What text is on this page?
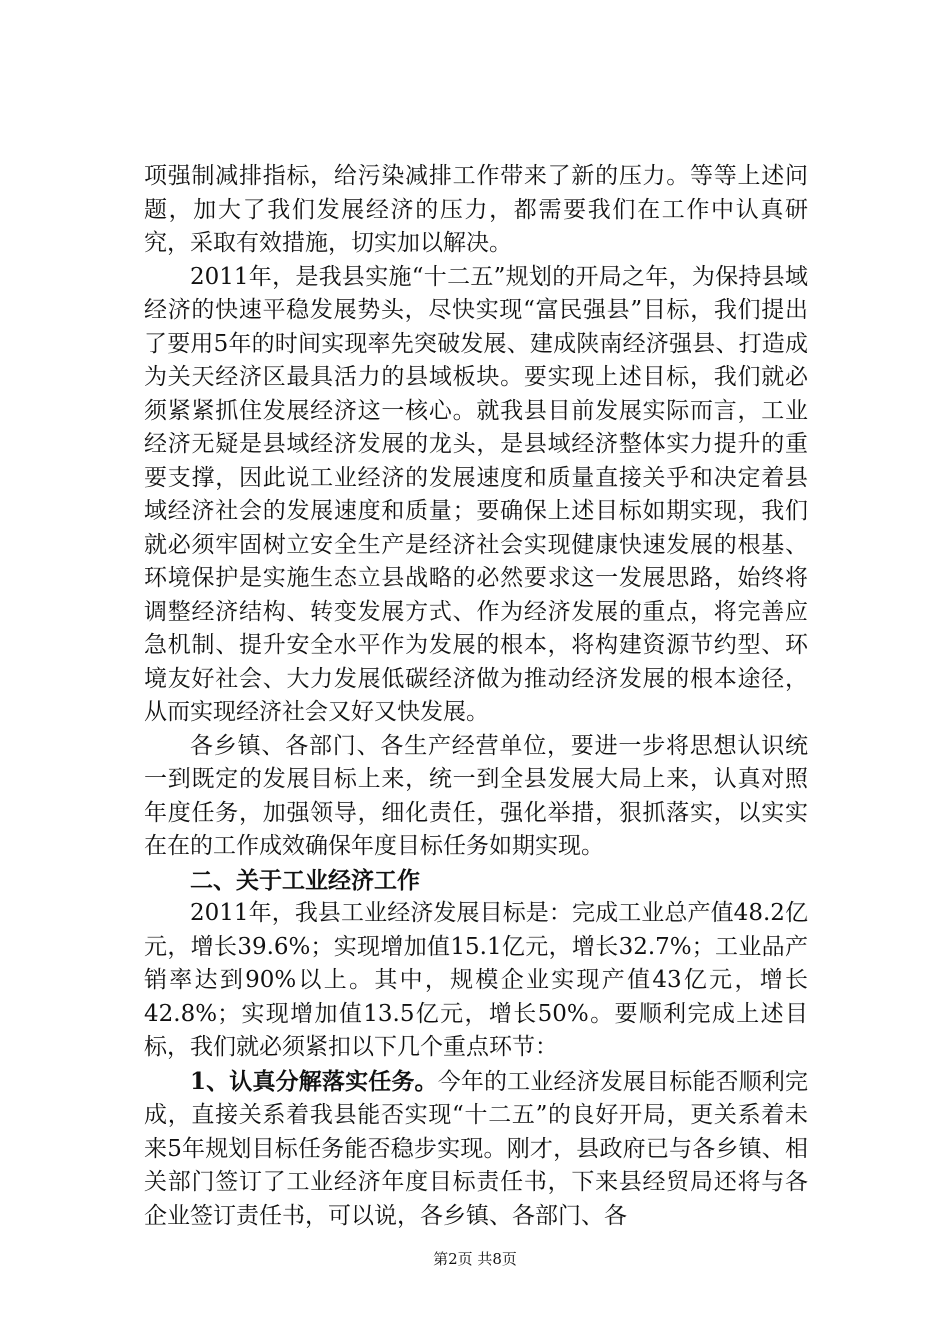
项强制减排指标，给污染减排工作带来了新的压力。等等上述问题，加大了我们发展经济的压力，都需要我们在工作中认真研究，采取有效措施，切实加以解决。

2011年，是我县实施“十二五”规划的开局之年，为保持县域经济的快速平稳发展势头，尽快实现“富民强县”目标，我们提出了要用5年的时间实现率先突破发展、建成陕南经济强县、打造成为关天经济区最具活力的县域板块。要实现上述目标，我们就必须紧紧抓住发展经济这一核心。就我县目前发展实际而言，工业经济无疑是县域经济发展的龙头，是县域经济整体实力提升的重要支撑，因此说工业经济的发展速度和质量直接关乎和决定着县域经济社会的发展速度和质量；要确保上述目标如期实现，我们就必须牢固树立安全生产是经济社会实现健康快速发展的根基、环境保护是实施生态立县战略的必然要求这一发展思路，始终将调整经济结构、转变发展方式、作为经济发展的重点，将完善应急机制、提升安全水平作为发展的根本，将构建资源节约型、环境友好社会、大力发展低碳经济做为推动经济发展的根本途径，从而实现经济社会又好又快发展。

各乡镇、各部门、各生产经营单位，要进一步将思想认识统一到既定的发展目标上来，统一到全县发展大局上来，认真对照年度任务，加强领导，细化责任，强化举措，狠抓落实，以实实在在的工作成效确保年度目标任务如期实现。

二、关于工业经济工作

2011年，我县工业经济发展目标是：完成工业总产值48.2亿元，增长39.6%；实现增加值15.1亿元，增长32.7%；工业品产销率达到90%以上。其中，规模企业实现产值43亿元，增长42.8%；实现增加值13.5亿元，增长50%。要顺利完成上述目标，我们就必须紧扣以下几个重点环节：

1、认真分解落实任务。今年的工业经济发展目标能否顺利完成，直接关系着我县能否实现“十二五”的良好开局，更关系着未来5年规划目标任务能否稳步实现。刚才，县政府已与各乡镇、相关部门签订了工业经济年度目标责任书，下来县经贸局还将与各企业签订责任书，可以说，各乡镇、各部门、各

第2页 共8页
